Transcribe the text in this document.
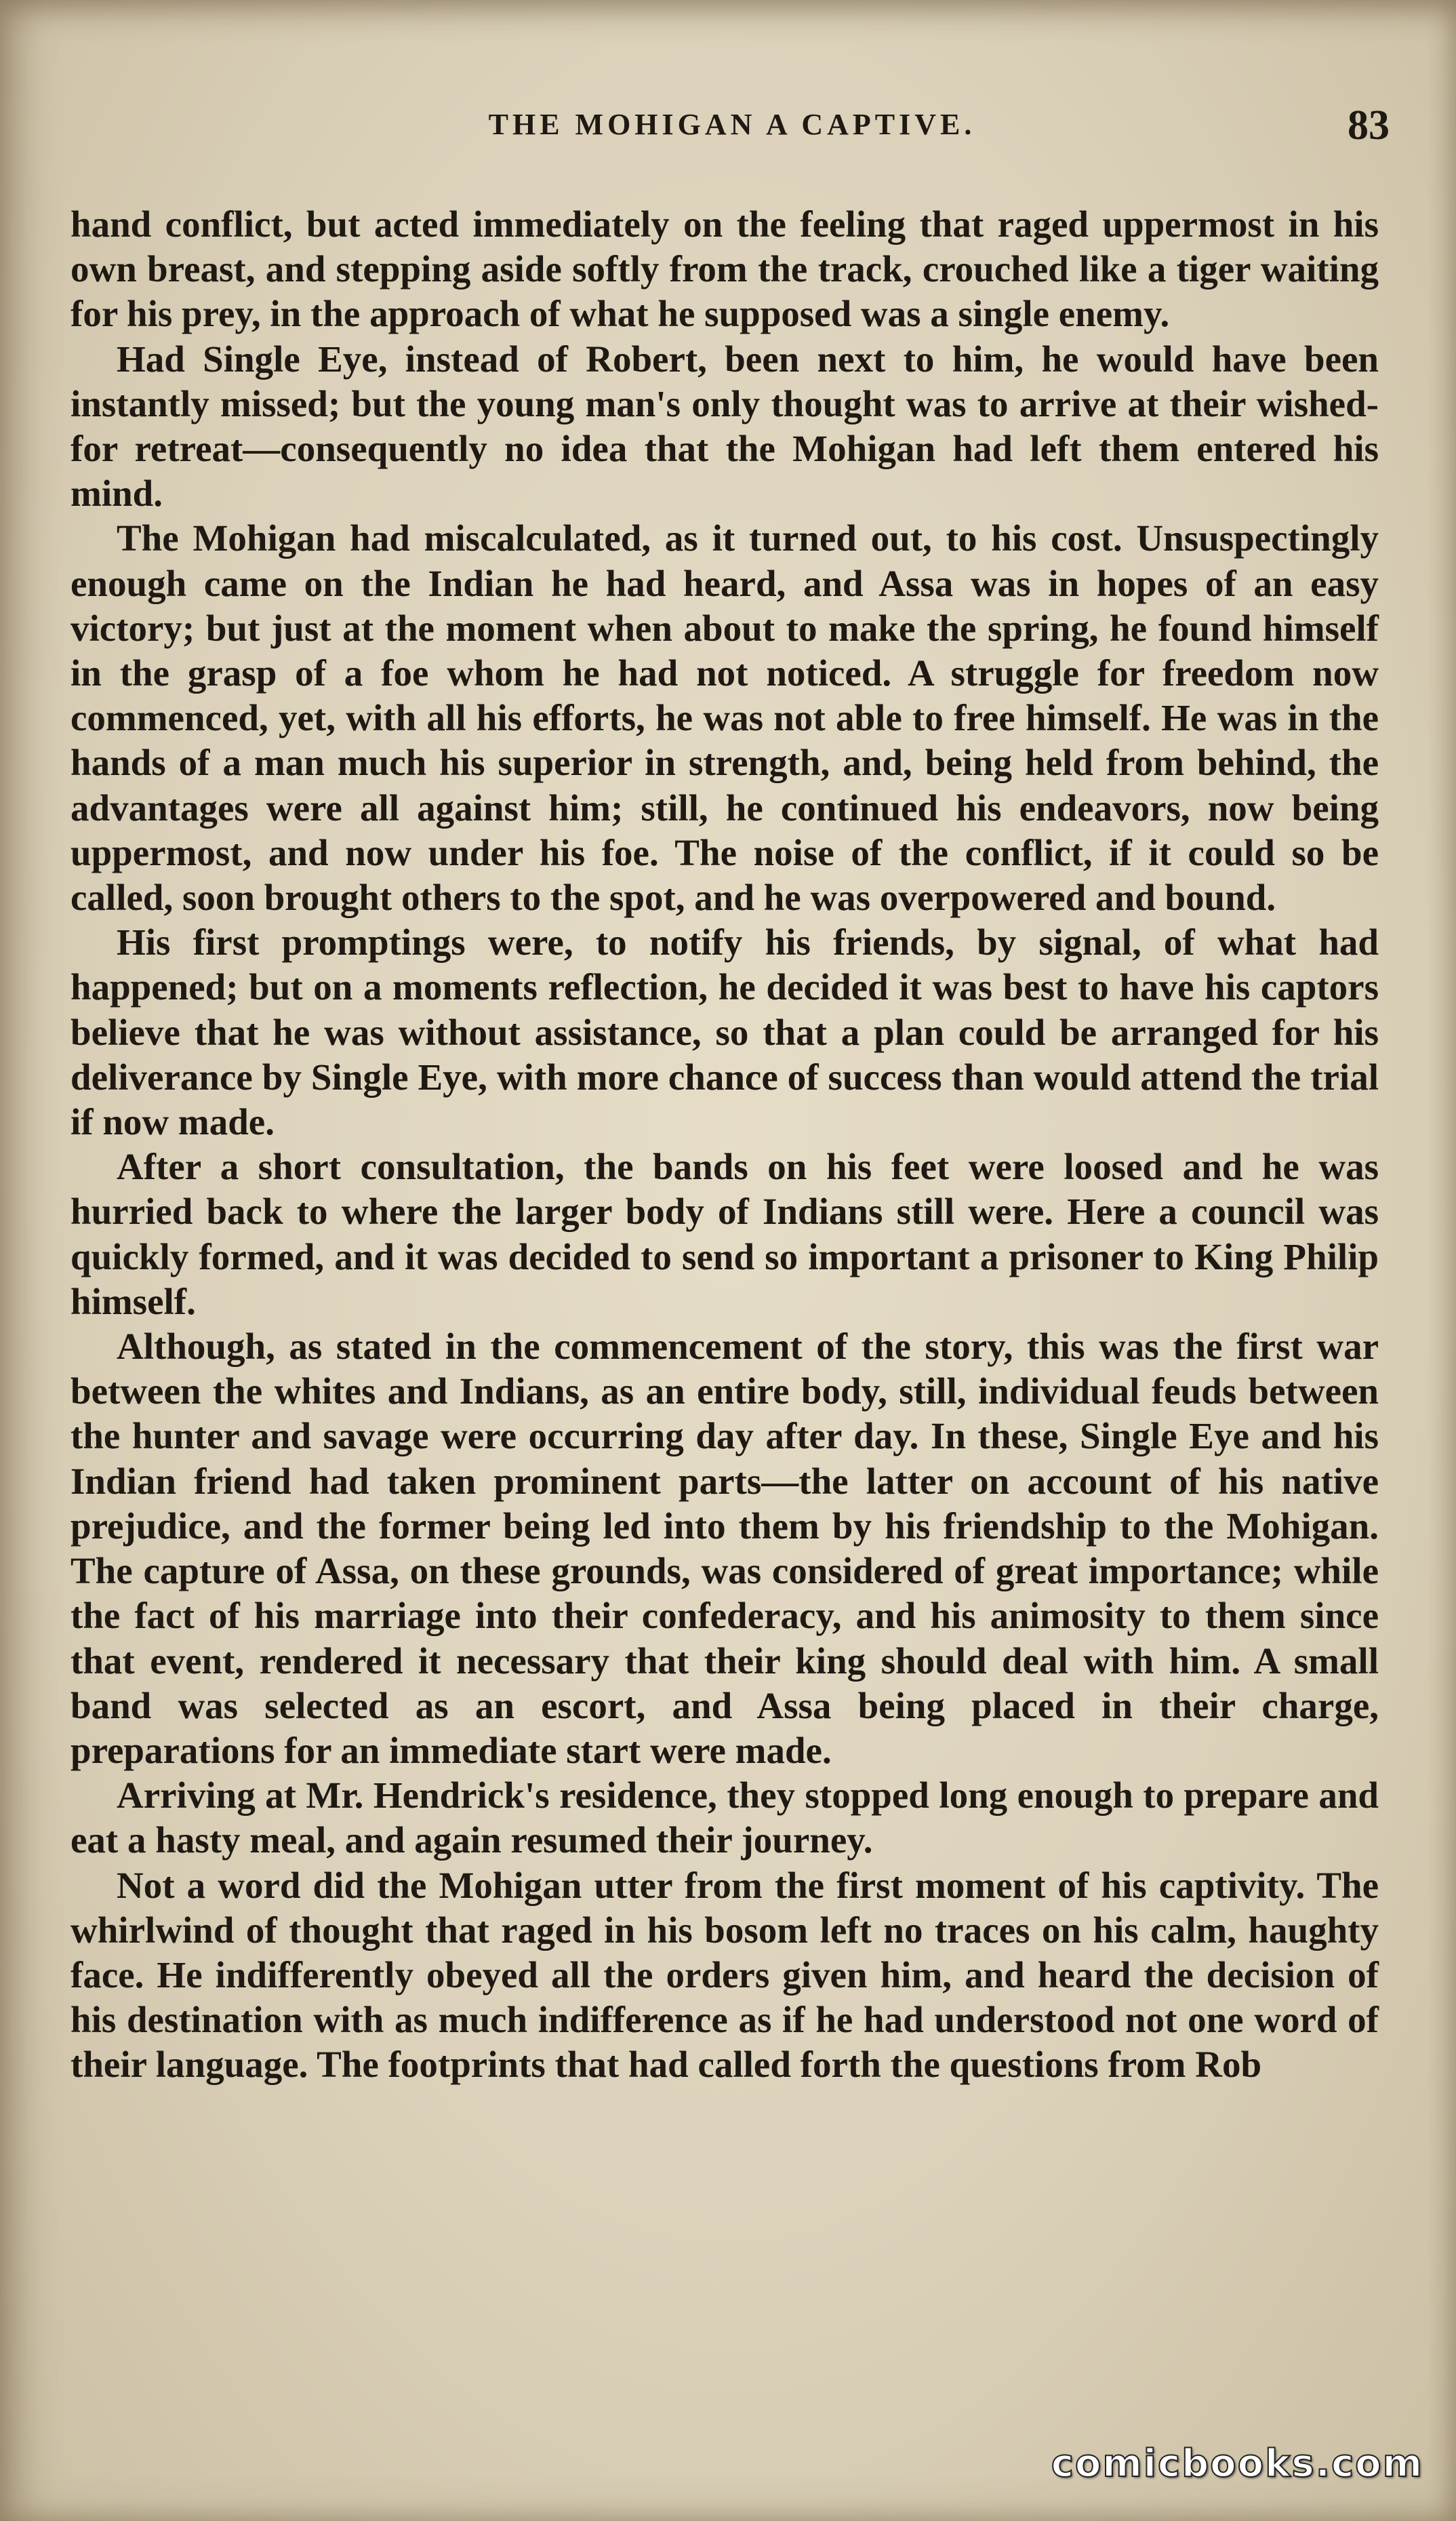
THE MOHIGAN A CAPTIVE.	83

hand conflict, but acted immediately on the feeling that raged uppermost in his own breast, and stepping aside softly from the track, crouched like a tiger waiting for his prey, in the approach of what he supposed was a single enemy.

Had Single Eye, instead of Robert, been next to him, he would have been instantly missed; but the young man's only thought was to arrive at their wished-for retreat—consequently no idea that the Mohigan had left them entered his mind.

The Mohigan had miscalculated, as it turned out, to his cost. Unsuspectingly enough came on the Indian he had heard, and Assa was in hopes of an easy victory; but just at the moment when about to make the spring, he found himself in the grasp of a foe whom he had not noticed. A struggle for freedom now commenced, yet, with all his efforts, he was not able to free himself. He was in the hands of a man much his superior in strength, and, being held from behind, the advantages were all against him; still, he continued his endeavors, now being uppermost, and now under his foe. The noise of the conflict, if it could so be called, soon brought others to the spot, and he was overpowered and bound.

His first promptings were, to notify his friends, by signal, of what had happened; but on a moments reflection, he decided it was best to have his captors believe that he was without assistance, so that a plan could be arranged for his deliverance by Single Eye, with more chance of success than would attend the trial if now made.

After a short consultation, the bands on his feet were loosed and he was hurried back to where the larger body of Indians still were. Here a council was quickly formed, and it was decided to send so important a prisoner to King Philip himself.

Although, as stated in the commencement of the story, this was the first war between the whites and Indians, as an entire body, still, individual feuds between the hunter and savage were occurring day after day. In these, Single Eye and his Indian friend had taken prominent parts—the latter on account of his native prejudice, and the former being led into them by his friendship to the Mohigan. The capture of Assa, on these grounds, was considered of great importance; while the fact of his marriage into their confederacy, and his animosity to them since that event, rendered it necessary that their king should deal with him. A small band was selected as an escort, and Assa being placed in their charge, preparations for an immediate start were made.

Arriving at Mr. Hendrick's residence, they stopped long enough to prepare and eat a hasty meal, and again resumed their journey.

Not a word did the Mohigan utter from the first moment of his captivity. The whirlwind of thought that raged in his bosom left no traces on his calm, haughty face. He indifferently obeyed all the orders given him, and heard the decision of his destination with as much indifference as if he had understood not one word of their language. The footprints that had called forth the questions from Rob

comicbooks.com
